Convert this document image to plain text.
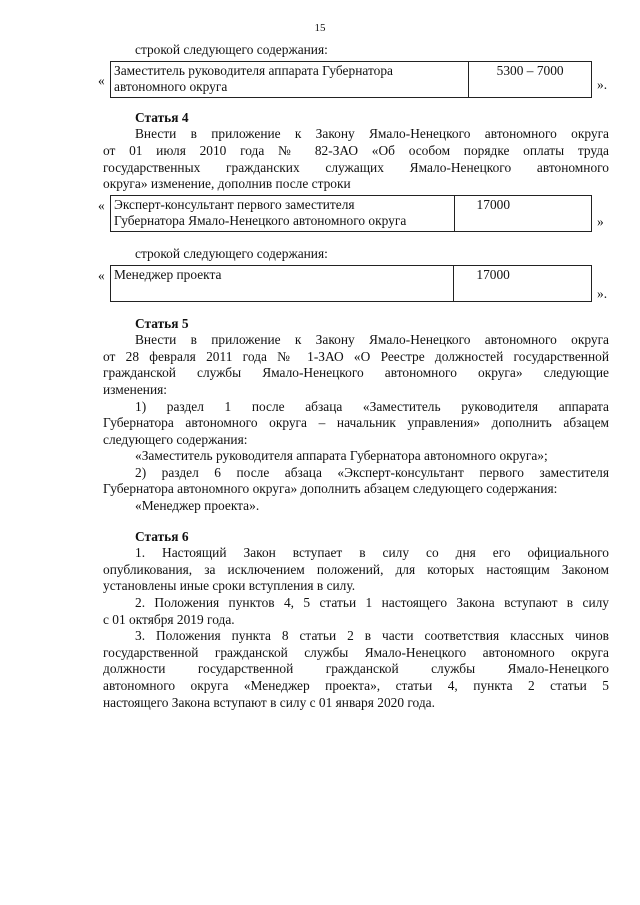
15

строкой следующего содержания:

«
Заместитель руководителя аппарата Губернатора
автономного округа
	5300 – 7000
».

Статья 4

Внести в приложение к Закону Ямало-Ненецкого автономного округа

от 01 июля 2010 года № 82-ЗАО «Об особом порядке оплаты труда

государственных гражданских служащих Ямало-Ненецкого автономного

округа» изменение, дополнив после строки

« Эксперт-консультант первого заместителя
Губернатора Ямало-Ненецкого автономного округа
	17000
»

строкой следующего содержания:

« Менеджер проекта	17000
».

Статья 5

Внести в приложение к Закону Ямало-Ненецкого автономного округа

от 28 февраля 2011 года № 1-ЗАО «О Реестре должностей государственной

гражданской службы Ямало-Ненецкого автономного округа» следующие

изменения:

1) раздел 1 после абзаца «Заместитель руководителя аппарата

Губернатора автономного округа – начальник управления» дополнить абзацем

следующего содержания:

«Заместитель руководителя аппарата Губернатора автономного округа»;

2) раздел 6 после абзаца «Эксперт-консультант первого заместителя

Губернатора автономного округа» дополнить абзацем следующего содержания:

«Менеджер проекта».

Статья 6

1. Настоящий Закон вступает в силу со дня его официального

опубликования, за исключением положений, для которых настоящим Законом

установлены иные сроки вступления в силу.

2. Положения пунктов 4, 5 статьи 1 настоящего Закона вступают в силу

с 01 октября 2019 года.

3. Положения пункта 8 статьи 2 в части соответствия классных чинов

государственной гражданской службы Ямало-Ненецкого автономного округа

должности государственной гражданской службы Ямало-Ненецкого

автономного округа «Менеджер проекта», статьи 4, пункта 2 статьи 5

настоящего Закона вступают в силу с 01 января 2020 года.
